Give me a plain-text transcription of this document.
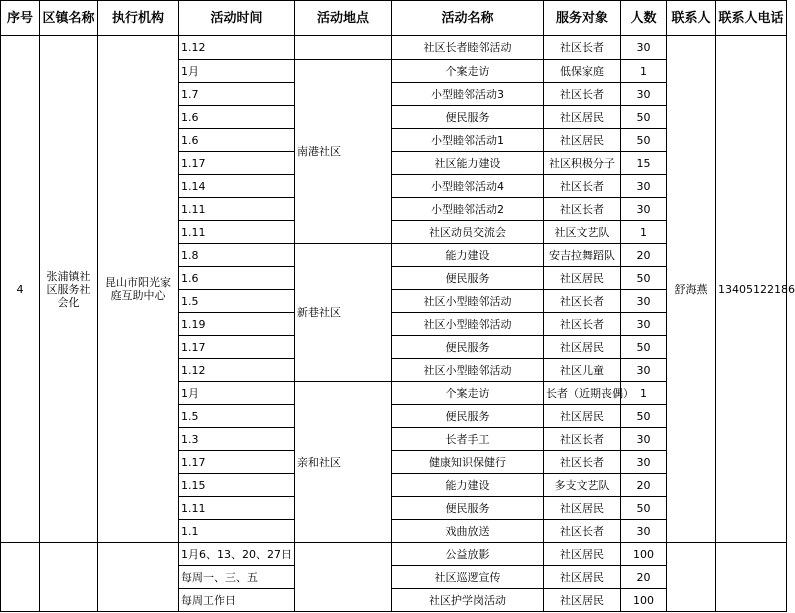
序号	区镇名称	执行机构	活动时间	活动地点	活动名称	服务对象	人数	联系人	联系人电话
4	张浦镇社区服务社会化	昆山市阳光家庭互助中心	1.12		社区长者睦邻活动	社区长者	30	舒海燕	13405122186
			1月	南港社区	个案走访	低保家庭	1		
			1.7		小型睦邻活动3	社区长者	30		
			1.6		便民服务	社区居民	50		
			1.6		小型睦邻活动1	社区居民	50		
			1.17		社区能力建设	社区积极分子	15		
			1.14		小型睦邻活动4	社区长者	30		
			1.11		小型睦邻活动2	社区长者	30		
			1.11		社区动员交流会	社区文艺队	1		
			1.8	新巷社区	能力建设	安吉拉舞蹈队	20		
			1.6		便民服务	社区居民	50		
			1.5		社区小型睦邻活动	社区长者	30		
			1.19		社区小型睦邻活动	社区长者	30		
			1.17		便民服务	社区居民	50		
			1.12		社区小型睦邻活动	社区儿童	30		
			1月	亲和社区	个案走访	长者（近期丧偶）	1		
			1.5		便民服务	社区居民	50		
			1.3		长者手工	社区长者	30		
			1.17		健康知识保健行	社区长者	30		
			1.15		能力建设	多支文艺队	20		
			1.11		便民服务	社区居民	50		
			1.1		戏曲放送	社区长者	30		
			1月6、13、20、27日		公益放影	社区居民	100		
			每周一、三、五		社区巡逻宣传	社区居民	20		
			每周工作日		社区护学岗活动	社区居民	100		
